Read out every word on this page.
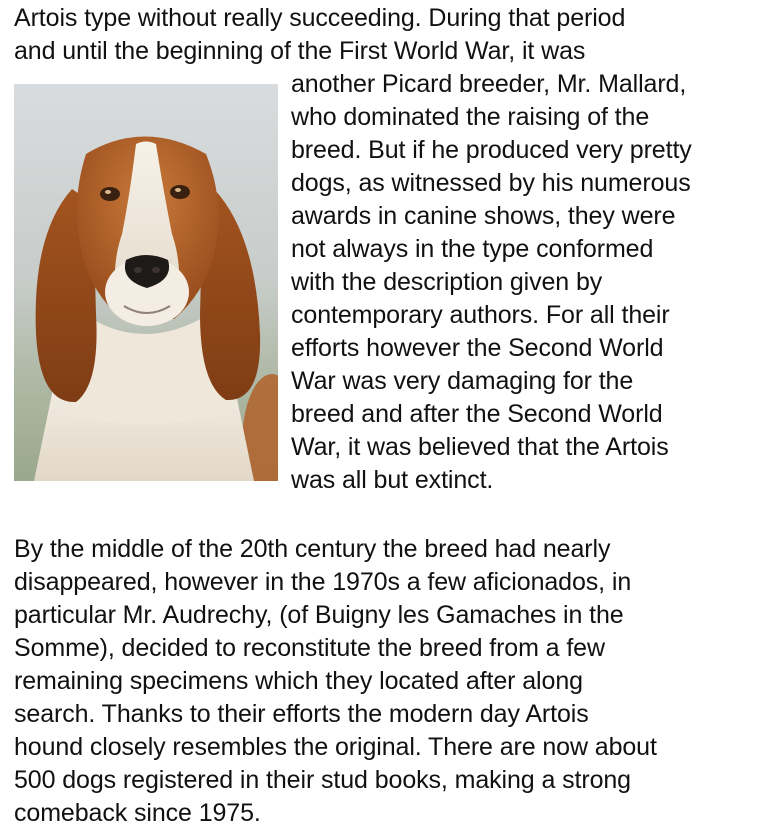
Artois type without really succeeding. During that period
and until the beginning of the First World War, it was
another Picard breeder, Mr. Mallard,
who dominated the raising of the
breed. But if he produced very pretty
dogs, as witnessed by his numerous
awards in canine shows, they were
not always in the type conformed
with the description given by
contemporary authors. For all their
efforts however the Second World
War was very damaging for the
breed and after the Second World
War, it was believed that the Artois
was all but extinct.
By the middle of the 20th century the breed had nearly
disappeared, however in the 1970s a few aficionados, in
particular Mr. Audrechy, (of Buigny les Gamaches in the
Somme), decided to reconstitute the breed from a few
remaining specimens which they located after along
search. Thanks to their efforts the modern day Artois
hound closely resembles the original. There are now about
500 dogs registered in their stud books, making a strong
comeback since 1975.
